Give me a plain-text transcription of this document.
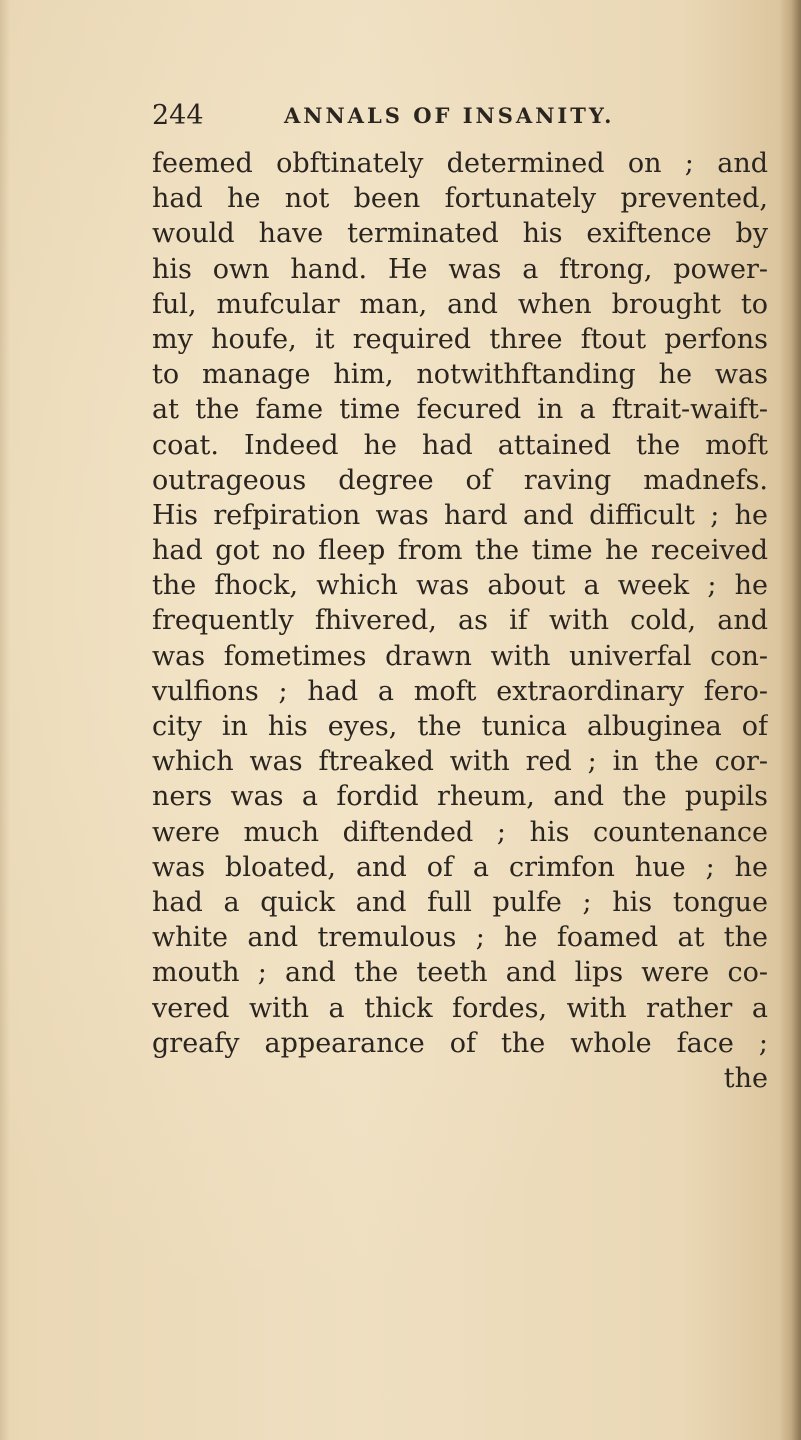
244	ANNALS OF INSANITY.
feemed obftinately determined on ; and
had he not been fortunately prevented,
would have terminated his exiftence by
his own hand. He was a ftrong, power-
ful, mufcular man, and when brought to
my houfe, it required three ftout perfons
to manage him, notwithftanding he was
at the fame time fecured in a ftrait-waift-
coat. Indeed he had attained the moft
outrageous degree of raving madnefs.
His refpiration was hard and difficult ; he
had got no fleep from the time he received
the fhock, which was about a week ; he
frequently fhivered, as if with cold, and
was fometimes drawn with univerfal con-
vulfions ; had a moft extraordinary fero-
city in his eyes, the tunica albuginea of
which was ftreaked with red ; in the cor-
ners was a fordid rheum, and the pupils
were much diftended ; his countenance
was bloated, and of a crimfon hue ; he
had a quick and full pulfe ; his tongue
white and tremulous ; he foamed at the
mouth ; and the teeth and lips were co-
vered with a thick fordes, with rather a
greafy appearance of the whole face ;
the
